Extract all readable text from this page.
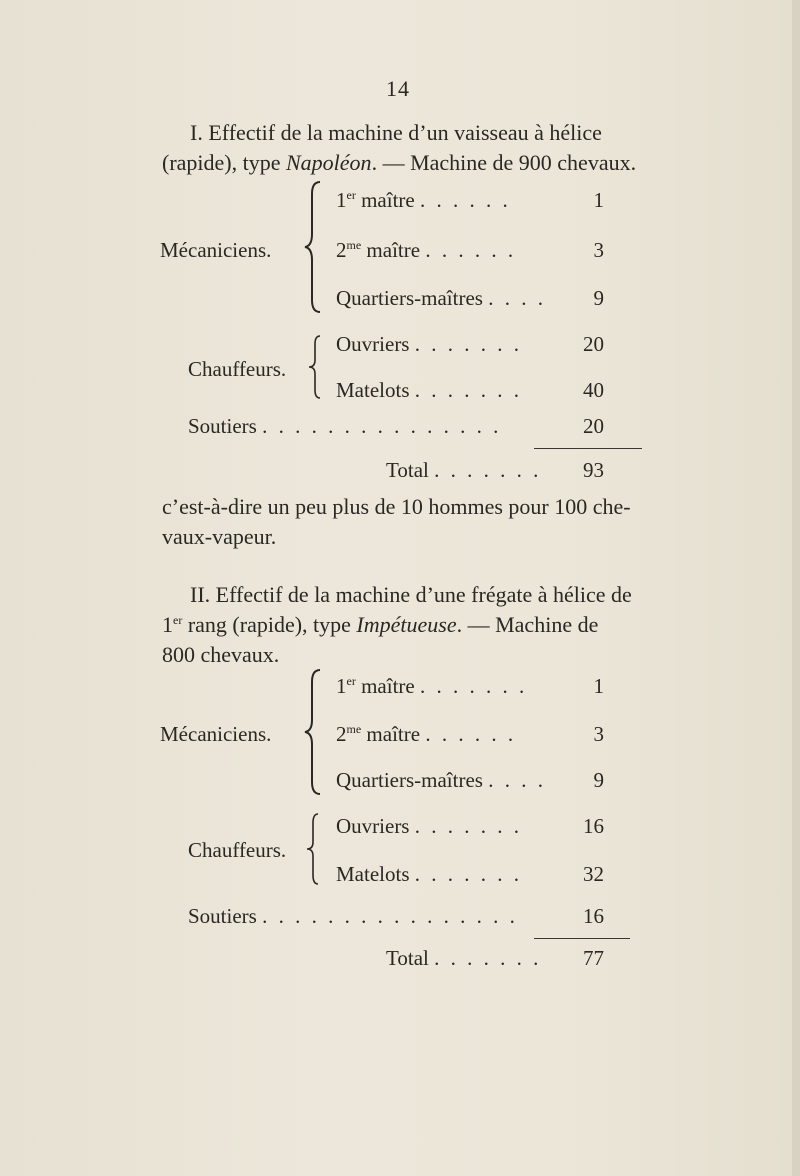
14
I. Effectif de la machine d’un vaisseau à hélice
(rapide), type Napoléon. — Machine de 900 chevaux.
Mécaniciens.
1er maître . . . . . .	1
$2^{me}$ maître . . . . . .	3
Quartiers-maîtres . . . .	9
Chauffeurs.
Ouvriers . . . . . . .	20
Matelots . . . . . . .	40
Soutiers . . . . . . . . . . . . . . .	20
Total . . . . . . .	93
c’est-à-dire un peu plus de 10 hommes pour 100 che-
vaux-vapeur.
II. Effectif de la machine d’une frégate à hélice de
1er rang (rapide), type Impétueuse. — Machine de
800 chevaux.
Mécaniciens.
1er maître . . . . . . .	1
$2^{me}$ maître . . . . . .	3
Quartiers-maîtres . . . .	9
Chauffeurs.
Ouvriers . . . . . . .	16
Matelots . . . . . . .	32
Soutiers . . . . . . . . . . . . . . . .	16
Total . . . . . . .	77
